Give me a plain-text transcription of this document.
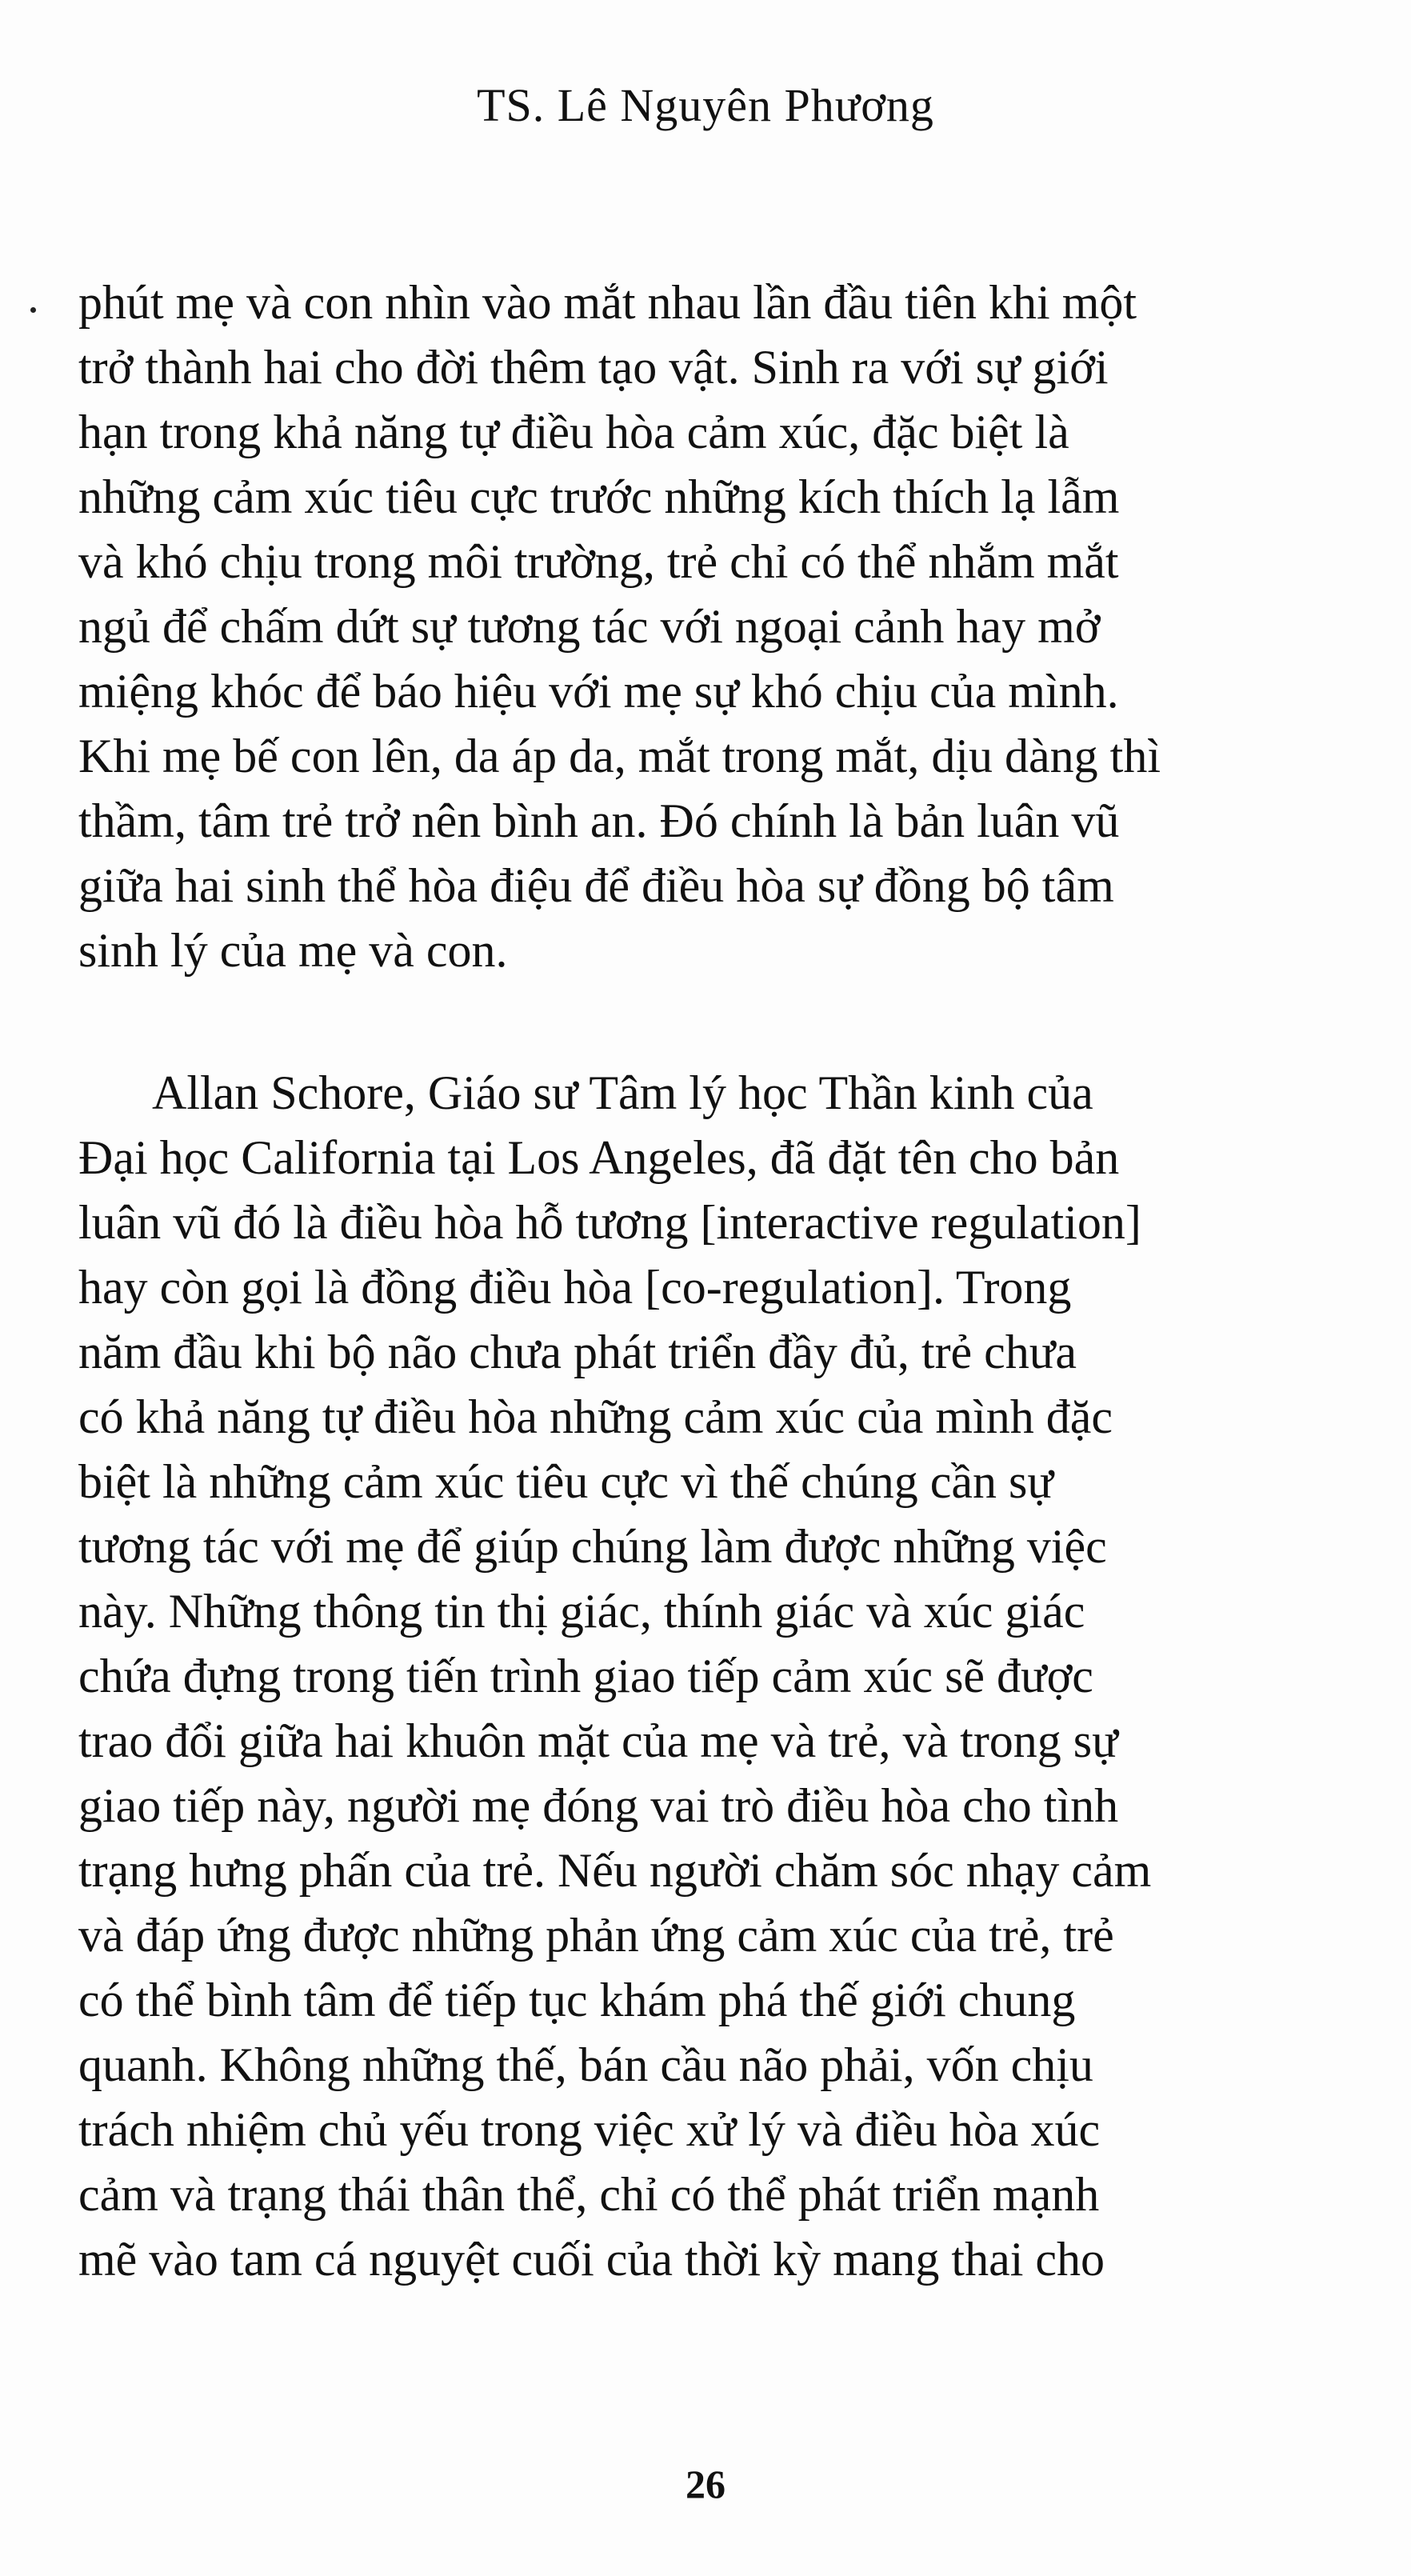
TS. Lê Nguyên Phương

phút mẹ và con nhìn vào mắt nhau lần đầu tiên khi một
trở thành hai cho đời thêm tạo vật. Sinh ra với sự giới
hạn trong khả năng tự điều hòa cảm xúc, đặc biệt là
những cảm xúc tiêu cực trước những kích thích lạ lẫm
và khó chịu trong môi trường, trẻ chỉ có thể nhắm mắt
ngủ để chấm dứt sự tương tác với ngoại cảnh hay mở
miệng khóc để báo hiệu với mẹ sự khó chịu của mình.
Khi mẹ bế con lên, da áp da, mắt trong mắt, dịu dàng thì
thầm, tâm trẻ trở nên bình an. Đó chính là bản luân vũ
giữa hai sinh thể hòa điệu để điều hòa sự đồng bộ tâm
sinh lý của mẹ và con.

Allan Schore, Giáo sư Tâm lý học Thần kinh của
Đại học California tại Los Angeles, đã đặt tên cho bản
luân vũ đó là điều hòa hỗ tương [interactive regulation]
hay còn gọi là đồng điều hòa [co-regulation]. Trong
năm đầu khi bộ não chưa phát triển đầy đủ, trẻ chưa
có khả năng tự điều hòa những cảm xúc của mình đặc
biệt là những cảm xúc tiêu cực vì thế chúng cần sự
tương tác với mẹ để giúp chúng làm được những việc
này. Những thông tin thị giác, thính giác và xúc giác
chứa đựng trong tiến trình giao tiếp cảm xúc sẽ được
trao đổi giữa hai khuôn mặt của mẹ và trẻ, và trong sự
giao tiếp này, người mẹ đóng vai trò điều hòa cho tình
trạng hưng phấn của trẻ. Nếu người chăm sóc nhạy cảm
và đáp ứng được những phản ứng cảm xúc của trẻ, trẻ
có thể bình tâm để tiếp tục khám phá thế giới chung
quanh. Không những thế, bán cầu não phải, vốn chịu
trách nhiệm chủ yếu trong việc xử lý và điều hòa xúc
cảm và trạng thái thân thể, chỉ có thể phát triển mạnh
mẽ vào tam cá nguyệt cuối của thời kỳ mang thai cho

26
